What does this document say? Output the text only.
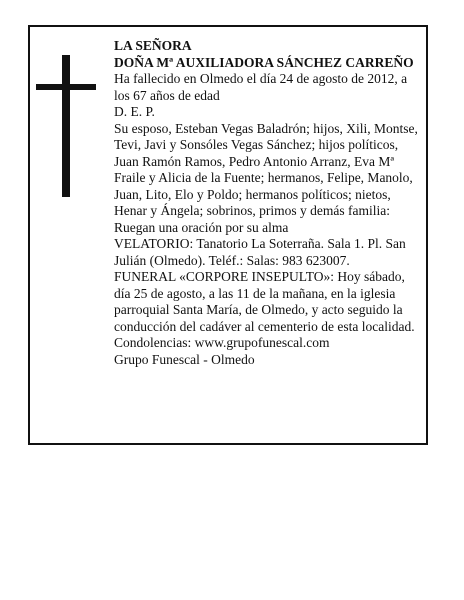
LA SEÑORA

DOÑA Mª AUXILIADORA SÁNCHEZ CARREÑO

Ha fallecido en Olmedo el día 24 de agosto de 2012, a los 67 años de edad

D. E. P.

Su esposo, Esteban Vegas Baladrón; hijos, Xili, Montse, Tevi, Javi y Sonsóles Vegas Sánchez; hijos políticos, Juan Ramón Ramos, Pedro Antonio Arranz, Eva Mª Fraile y Alicia de la Fuente; hermanos, Felipe, Manolo, Juan, Lito, Elo y Poldo; hermanos políticos; nietos, Henar y Ángela; sobrinos, primos y demás familia:

Ruegan una oración por su alma

VELATORIO: Tanatorio La Soterraña. Sala 1. Pl. San Julián (Olmedo). Teléf.: Salas: 983 623007.

FUNERAL «CORPORE INSEPULTO»: Hoy sábado, día 25 de agosto, a las 11 de la mañana, en la iglesia parroquial Santa María, de Olmedo, y acto seguido la conducción del cadáver al cementerio de esta localidad.

Condolencias: www.grupofunescal.com

Grupo Funescal - Olmedo
